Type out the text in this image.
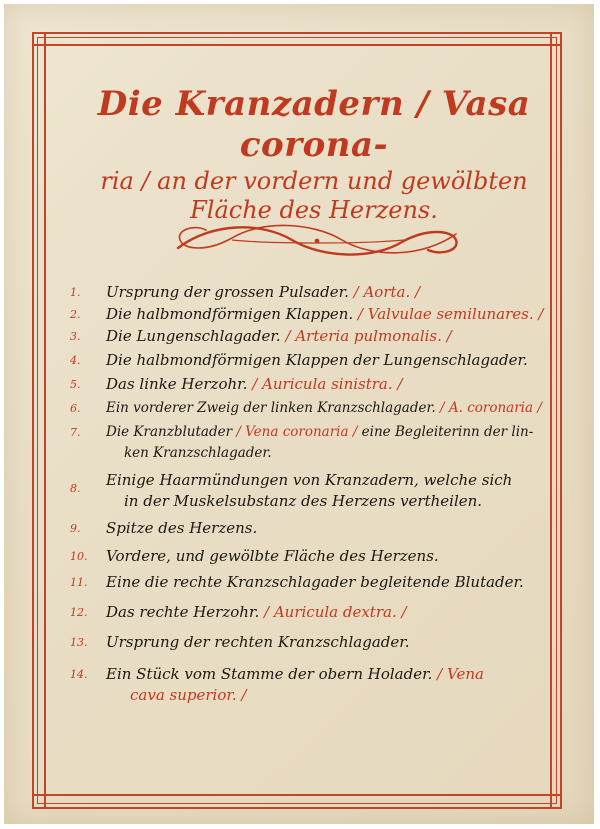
Die Kranzadern / Vasa corona-
ria / an der vordern und gewölbten
Fläche des Herzens.
1.	Ursprung der grossen Pulsader. / Aorta. /
2.	Die halbmondförmigen Klappen. / Valvulae semilunares. /
3.	Die Lungenschlagader. / Arteria pulmonalis. /
4.	Die halbmondförmigen Klappen der Lungenschlagader.
5.	Das linke Herzohr. / Auricula sinistra. /
6.	Ein vorderer Zweig der linken Kranzschlagader. / A. coronaria /
7.	Die Kranzblutader / Vena coronaria / eine Begleiterinn der lin-
ken Kranzschlagader.
8.	Einige Haarmündungen von Kranzadern, welche sich
in der Muskelsubstanz des Herzens vertheilen.
9.	Spitze des Herzens.
10.	Vordere, und gewölbte Fläche des Herzens.
11.	Eine die rechte Kranzschlagader begleitende Blutader.
12.	Das rechte Herzohr. / Auricula dextra. /
13.	Ursprung der rechten Kranzschlagader.
14.	Ein Stück vom Stamme der obern Holader. / Vena
cava superior. /
